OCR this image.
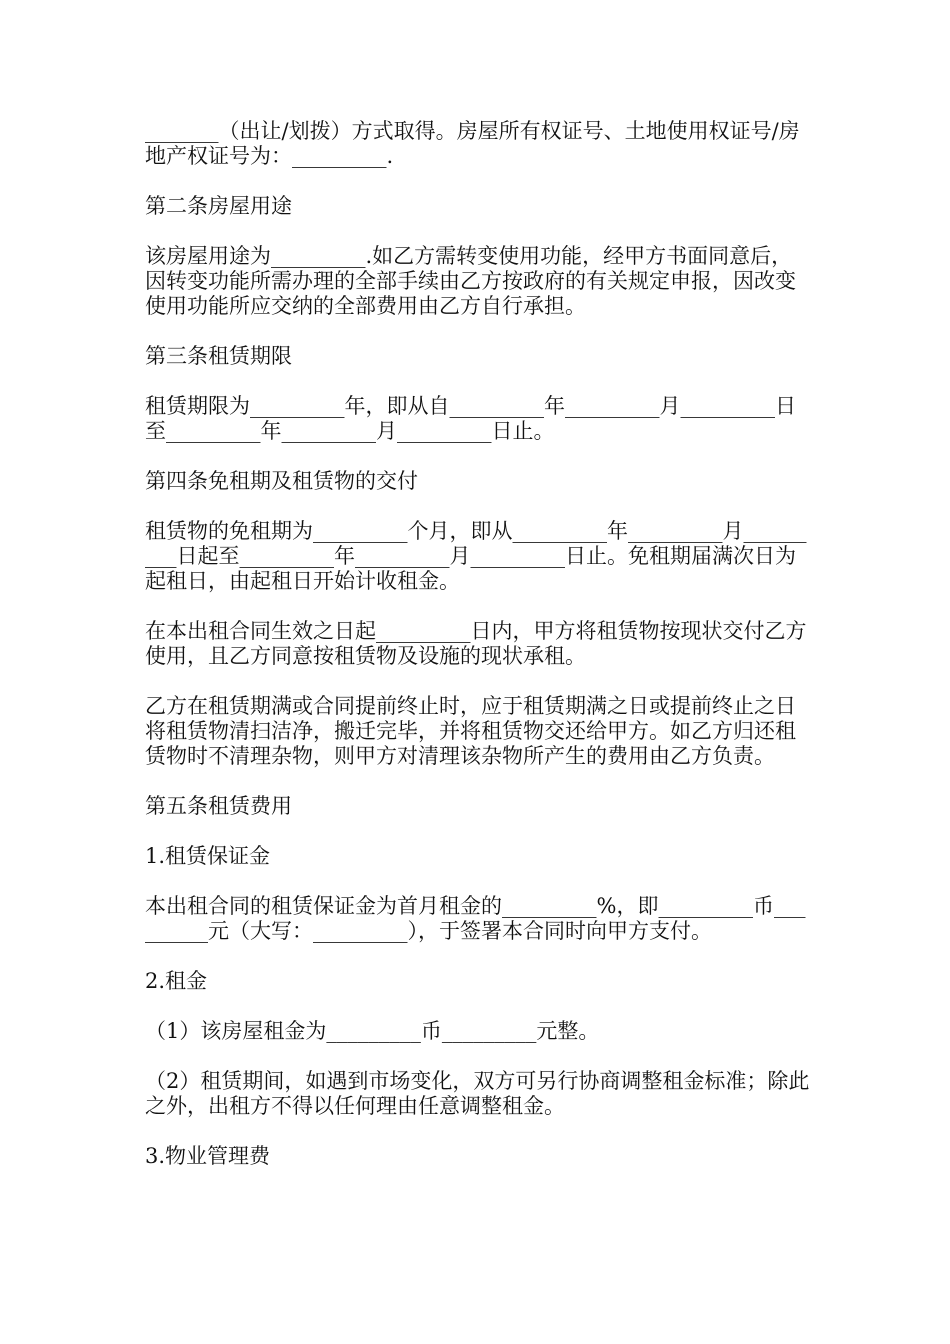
_______（出让/划拨）方式取得。房屋所有权证号、土地使用权证号/房地产权证号为：_________.

第二条房屋用途

该房屋用途为_________.如乙方需转变使用功能，经甲方书面同意后，因转变功能所需办理的全部手续由乙方按政府的有关规定申报，因改变使用功能所应交纳的全部费用由乙方自行承担。

第三条租赁期限

租赁期限为_________年，即从自_________年_________月_________日至_________年_________月_________日止。

第四条免租期及租赁物的交付

租赁物的免租期为_________个月，即从_________年_________月_________日起至_________年_________月_________日止。免租期届满次日为起租日，由起租日开始计收租金。

在本出租合同生效之日起_________日内，甲方将租赁物按现状交付乙方使用，且乙方同意按租赁物及设施的现状承租。

乙方在租赁期满或合同提前终止时，应于租赁期满之日或提前终止之日将租赁物清扫洁净，搬迁完毕，并将租赁物交还给甲方。如乙方归还租赁物时不清理杂物，则甲方对清理该杂物所产生的费用由乙方负责。

第五条租赁费用

1.租赁保证金

本出租合同的租赁保证金为首月租金的_________%，即_________币_________元（大写：_________），于签署本合同时向甲方支付。

2.租金

（1）该房屋租金为_________币_________元整。

（2）租赁期间，如遇到市场变化，双方可另行协商调整租金标准；除此之外，出租方不得以任何理由任意调整租金。

3.物业管理费
